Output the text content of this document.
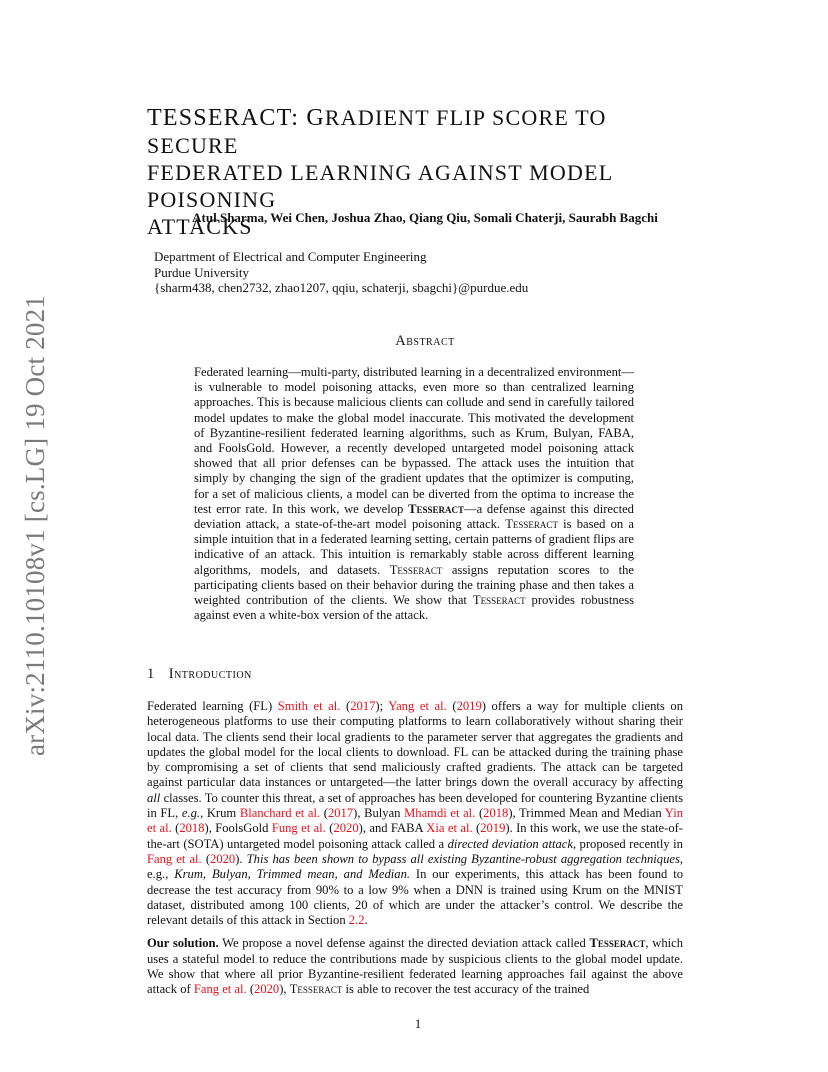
arXiv:2110.10108v1 [cs.LG] 19 Oct 2021
TESSERACT: GRADIENT FLIP SCORE TO SECURE
FEDERATED LEARNING AGAINST MODEL POISONING
ATTACKS
Atul Sharma, Wei Chen, Joshua Zhao, Qiang Qiu, Somali Chaterji, Saurabh Bagchi
Department of Electrical and Computer Engineering
Purdue University
{sharm438, chen2732, zhao1207, qqiu, schaterji, sbagchi}@purdue.edu
Abstract
Federated learning—multi-party, distributed learning in a decentralized environment—is vulnerable to model poisoning attacks, even more so than centralized learning approaches. This is because malicious clients can collude and send in carefully tailored model updates to make the global model inaccurate. This motivated the development of Byzantine-resilient federated learning algorithms, such as Krum, Bulyan, FABA, and FoolsGold. However, a recently developed untargeted model poisoning attack showed that all prior defenses can be bypassed. The attack uses the intuition that simply by changing the sign of the gradient updates that the optimizer is computing, for a set of malicious clients, a model can be diverted from the optima to increase the test error rate. In this work, we develop Tesseract—a defense against this directed deviation attack, a state-of-the-art model poisoning attack. Tesseract is based on a simple intuition that in a federated learning setting, certain patterns of gradient flips are indicative of an attack. This intuition is remarkably stable across different learning algorithms, models, and datasets. Tesseract assigns reputation scores to the participating clients based on their behavior during the training phase and then takes a weighted contribution of the clients. We show that Tesseract provides robustness against even a white-box version of the attack.
1 Introduction

Federated learning (FL) Smith et al. (2017); Yang et al. (2019) offers a way for multiple clients on heterogeneous platforms to use their computing platforms to learn collaboratively without sharing their local data. The clients send their local gradients to the parameter server that aggregates the gradients and updates the global model for the local clients to download. FL can be attacked during the training phase by compromising a set of clients that send maliciously crafted gradients. The attack can be targeted against particular data instances or untargeted—the latter brings down the overall accuracy by affecting all classes. To counter this threat, a set of approaches has been developed for countering Byzantine clients in FL, e.g., Krum Blanchard et al. (2017), Bulyan Mhamdi et al. (2018), Trimmed Mean and Median Yin et al. (2018), FoolsGold Fung et al. (2020), and FABA Xia et al. (2019). In this work, we use the state-of-the-art (SOTA) untargeted model poisoning attack called a directed deviation attack, proposed recently in Fang et al. (2020). This has been shown to bypass all existing Byzantine-robust aggregation techniques, e.g., Krum, Bulyan, Trimmed mean, and Median. In our experiments, this attack has been found to decrease the test accuracy from 90% to a low 9% when a DNN is trained using Krum on the MNIST dataset, distributed among 100 clients, 20 of which are under the attacker’s control. We describe the relevant details of this attack in Section 2.2.

Our solution. We propose a novel defense against the directed deviation attack called Tesseract, which uses a stateful model to reduce the contributions made by suspicious clients to the global model update. We show that where all prior Byzantine-resilient federated learning approaches fail against the above attack of Fang et al. (2020), Tesseract is able to recover the test accuracy of the trained

1
